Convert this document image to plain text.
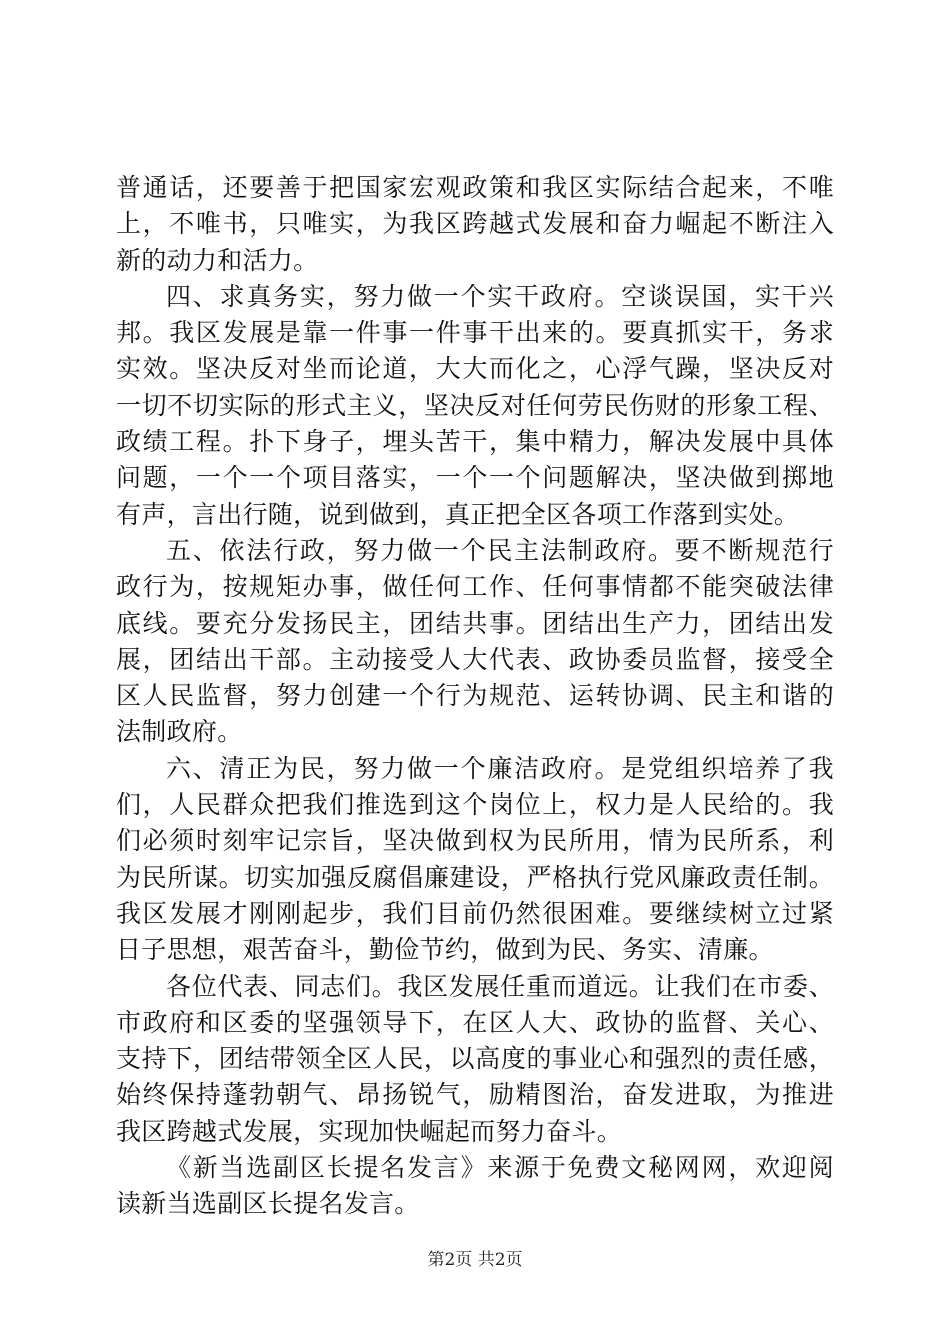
普通话，还要善于把国家宏观政策和我区实际结合起来，不唯
上，不唯书，只唯实，为我区跨越式发展和奋力崛起不断注入
新的动力和活力。

四、求真务实，努力做一个实干政府。空谈误国，实干兴
邦。我区发展是靠一件事一件事干出来的。要真抓实干，务求
实效。坚决反对坐而论道，大大而化之，心浮气躁，坚决反对
一切不切实际的形式主义，坚决反对任何劳民伤财的形象工程、
政绩工程。扑下身子，埋头苦干，集中精力，解决发展中具体
问题，一个一个项目落实，一个一个问题解决，坚决做到掷地
有声，言出行随，说到做到，真正把全区各项工作落到实处。

五、依法行政，努力做一个民主法制政府。要不断规范行
政行为，按规矩办事，做任何工作、任何事情都不能突破法律
底线。要充分发扬民主，团结共事。团结出生产力，团结出发
展，团结出干部。主动接受人大代表、政协委员监督，接受全
区人民监督，努力创建一个行为规范、运转协调、民主和谐的
法制政府。

六、清正为民，努力做一个廉洁政府。是党组织培养了我
们，人民群众把我们推选到这个岗位上，权力是人民给的。我
们必须时刻牢记宗旨，坚决做到权为民所用，情为民所系，利
为民所谋。切实加强反腐倡廉建设，严格执行党风廉政责任制。
我区发展才刚刚起步，我们目前仍然很困难。要继续树立过紧
日子思想，艰苦奋斗，勤俭节约，做到为民、务实、清廉。

各位代表、同志们。我区发展任重而道远。让我们在市委、
市政府和区委的坚强领导下，在区人大、政协的监督、关心、
支持下，团结带领全区人民，以高度的事业心和强烈的责任感，
始终保持蓬勃朝气、昂扬锐气，励精图治，奋发进取，为推进
我区跨越式发展，实现加快崛起而努力奋斗。

《新当选副区长提名发言》来源于免费文秘网网，欢迎阅
读新当选副区长提名发言。

第2页 共2页
